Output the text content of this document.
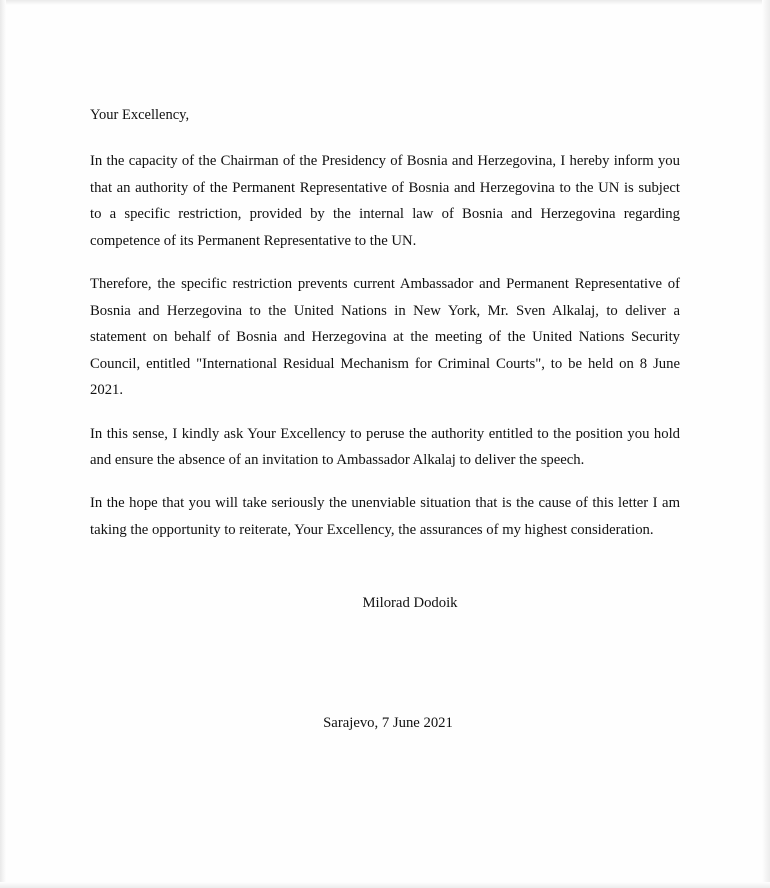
Your Excellency,

In the capacity of the Chairman of the Presidency of Bosnia and Herzegovina, I hereby inform you that an authority of the Permanent Representative of Bosnia and Herzegovina to the UN is subject to a specific restriction, provided by the internal law of Bosnia and Herzegovina regarding competence of its Permanent Representative to the UN.

Therefore, the specific restriction prevents current Ambassador and Permanent Representative of Bosnia and Herzegovina to the United Nations in New York, Mr. Sven Alkalaj, to deliver a statement on behalf of Bosnia and Herzegovina at the meeting of the United Nations Security Council, entitled "International Residual Mechanism for Criminal Courts", to be held on 8 June 2021.

In this sense, I kindly ask Your Excellency to peruse the authority entitled to the position you hold and ensure the absence of an invitation to Ambassador Alkalaj to deliver the speech.

In the hope that you will take seriously the unenviable situation that is the cause of this letter I am taking the opportunity to reiterate, Your Excellency, the assurances of my highest consideration.

Milorad Dodoik
Sarajevo, 7 June 2021
